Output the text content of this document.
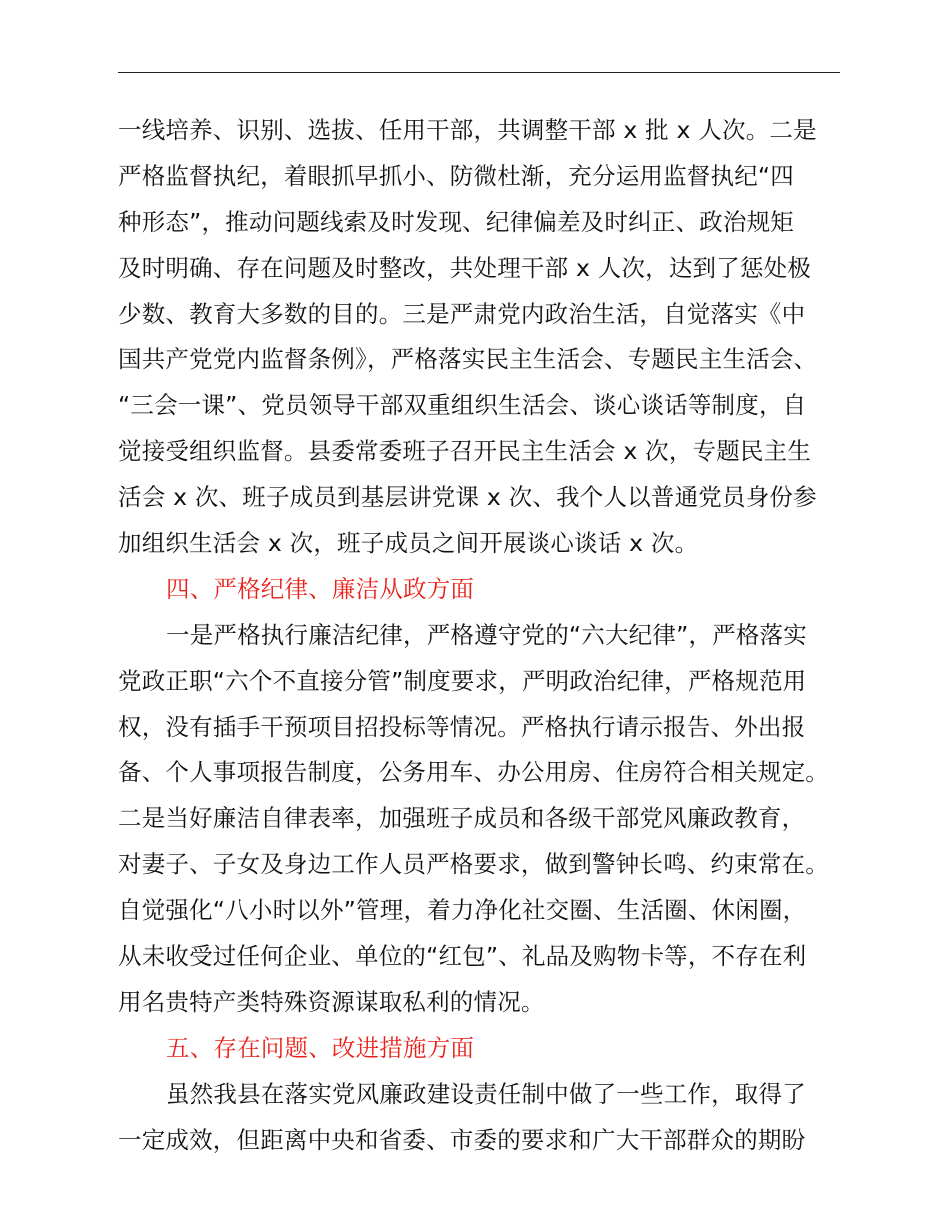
一线培养、识别、选拔、任用干部，共调整干部 x 批 x 人次。二是
严格监督执纪，着眼抓早抓小、防微杜渐，充分运用监督执纪“四
种形态”，推动问题线索及时发现、纪律偏差及时纠正、政治规矩
及时明确、存在问题及时整改，共处理干部 x 人次，达到了惩处极
少数、教育大多数的目的。三是严肃党内政治生活，自觉落实《中
国共产党党内监督条例》，严格落实民主生活会、专题民主生活会、
“三会一课”、党员领导干部双重组织生活会、谈心谈话等制度，自
觉接受组织监督。县委常委班子召开民主生活会 x 次，专题民主生
活会 x 次、班子成员到基层讲党课 x 次、我个人以普通党员身份参
加组织生活会 x 次，班子成员之间开展谈心谈话 x 次。
四、严格纪律、廉洁从政方面
一是严格执行廉洁纪律，严格遵守党的“六大纪律”，严格落实
党政正职“六个不直接分管”制度要求，严明政治纪律，严格规范用
权，没有插手干预项目招投标等情况。严格执行请示报告、外出报
备、个人事项报告制度，公务用车、办公用房、住房符合相关规定。
二是当好廉洁自律表率，加强班子成员和各级干部党风廉政教育，
对妻子、子女及身边工作人员严格要求，做到警钟长鸣、约束常在。
自觉强化“八小时以外”管理，着力净化社交圈、生活圈、休闲圈，
从未收受过任何企业、单位的“红包”、礼品及购物卡等，不存在利
用名贵特产类特殊资源谋取私利的情况。
五、存在问题、改进措施方面
虽然我县在落实党风廉政建设责任制中做了一些工作，取得了
一定成效，但距离中央和省委、市委的要求和广大干部群众的期盼
